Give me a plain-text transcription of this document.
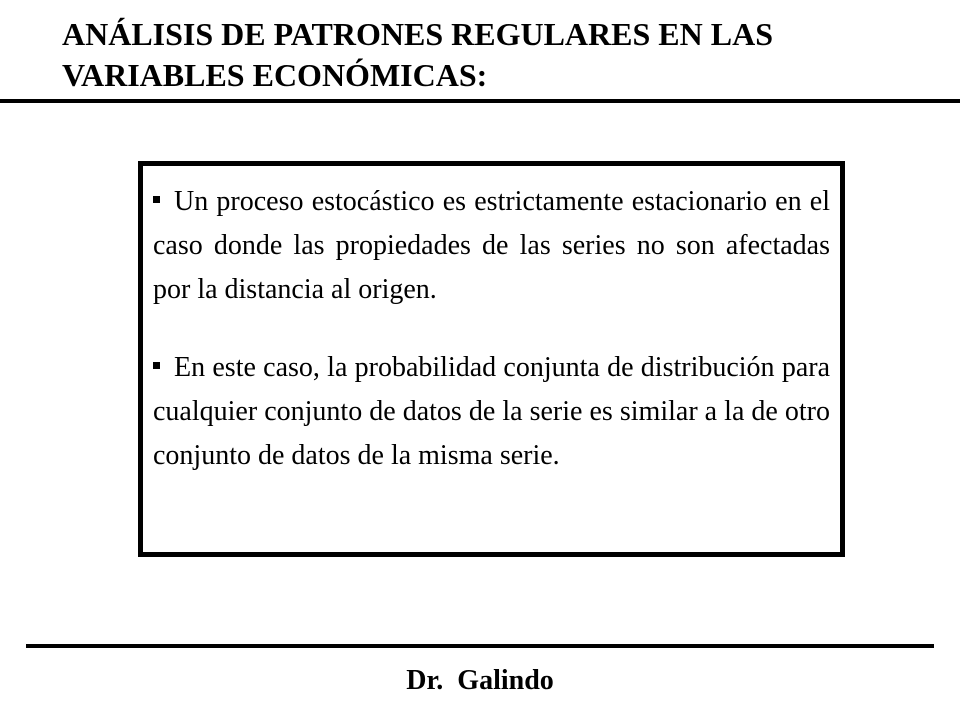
ANÁLISIS DE PATRONES REGULARES EN LAS
VARIABLES ECONÓMICAS:

Un proceso estocástico es estrictamente estacionario en el caso donde las propiedades de las series no son afectadas por la distancia al origen.

En este caso, la probabilidad conjunta de distribución para cualquier conjunto de datos de la serie es similar a la de otro conjunto de datos de la misma serie.

Dr.  Galindo
